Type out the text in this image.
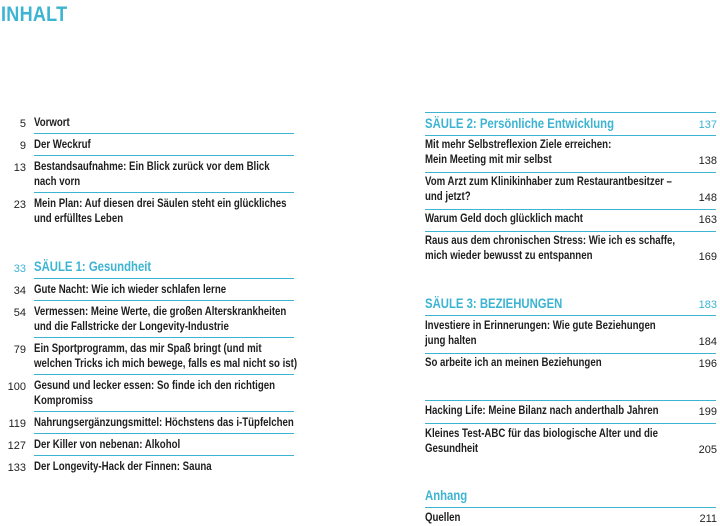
INHALT
5 Vorwort
9 Der Weckruf
13 Bestandsaufnahme: Ein Blick zurück vor dem Blick
nach vorn
23 Mein Plan: Auf diesen drei Säulen steht ein glückliches
und erfülltes Leben
33 SÄULE 1: Gesundheit
34 Gute Nacht: Wie ich wieder schlafen lerne
54 Vermessen: Meine Werte, die großen Alterskrankheiten
und die Fallstricke der Longevity-Industrie
79 Ein Sportprogramm, das mir Spaß bringt (und mit
welchen Tricks ich mich bewege, falls es mal nicht so ist)
100 Gesund und lecker essen: So finde ich den richtigen
Kompromiss
119 Nahrungsergänzungsmittel: Höchstens das i-Tüpfelchen
127 Der Killer von nebenan: Alkohol
133 Der Longevity-Hack der Finnen: Sauna
SÄULE 2: Persönliche Entwicklung	137
Mit mehr Selbstreflexion Ziele erreichen:
Mein Meeting mit mir selbst	138
Vom Arzt zum Klinikinhaber zum Restaurantbesitzer –
und jetzt?	148
Warum Geld doch glücklich macht	163
Raus aus dem chronischen Stress: Wie ich es schaffe,
mich wieder bewusst zu entspannen	169
SÄULE 3: BEZIEHUNGEN	183
Investiere in Erinnerungen: Wie gute Beziehungen
jung halten	184
So arbeite ich an meinen Beziehungen	196
Hacking Life: Meine Bilanz nach anderthalb Jahren	199
Kleines Test-ABC für das biologische Alter und die
Gesundheit	205
Anhang
Quellen	211
